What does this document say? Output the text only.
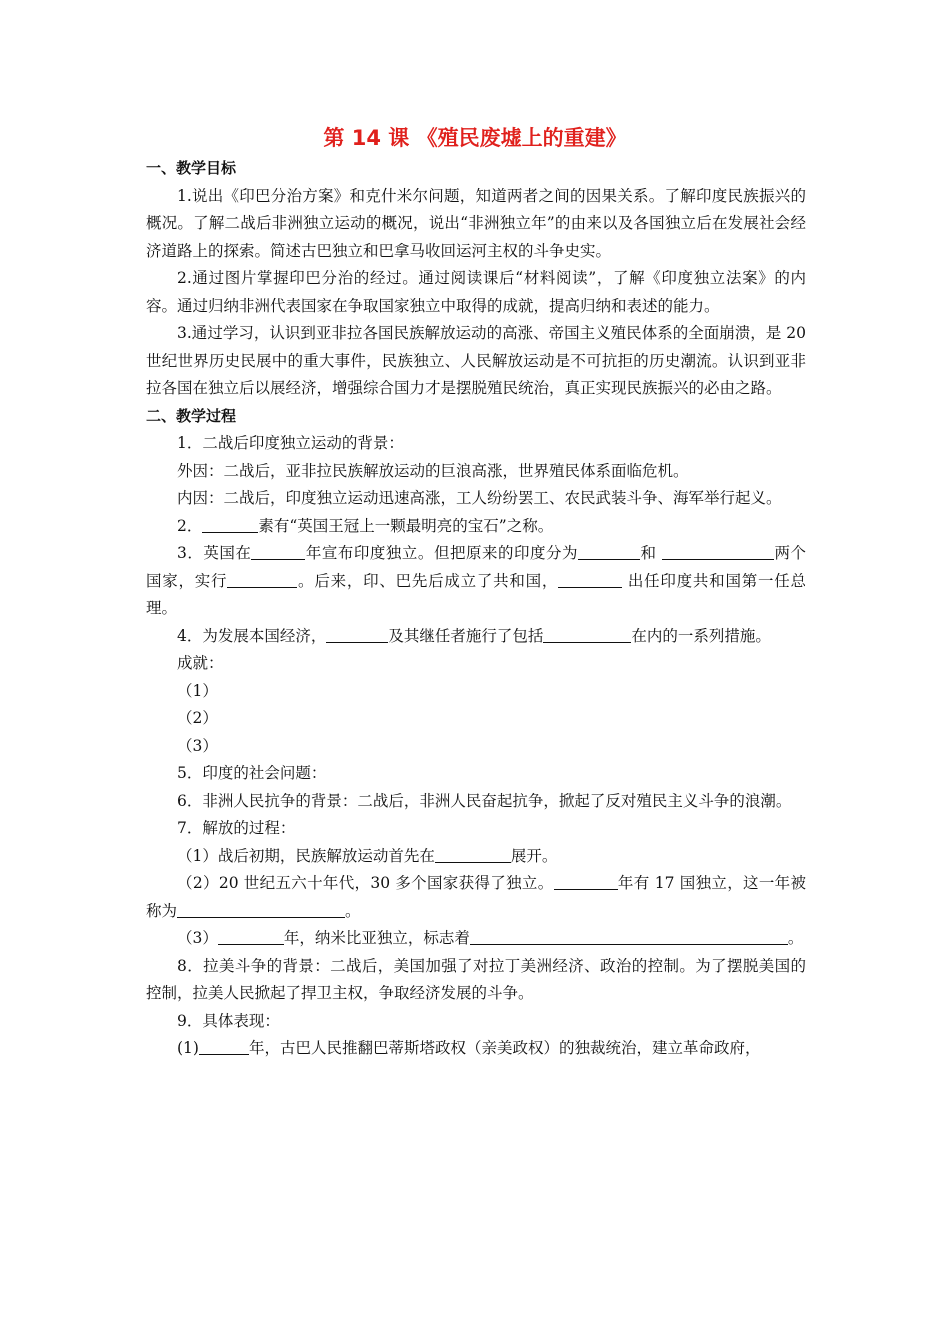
第 14 课 《殖民废墟上的重建》
一、教学目标
1.说出《印巴分治方案》和克什米尔问题，知道两者之间的因果关系。了解印度民族振兴的概况。了解二战后非洲独立运动的概况，说出“非洲独立年”的由来以及各国独立后在发展社会经济道路上的探索。简述古巴独立和巴拿马收回运河主权的斗争史实。
2.通过图片掌握印巴分治的经过。通过阅读课后“材料阅读”，了解《印度独立法案》的内容。通过归纳非洲代表国家在争取国家独立中取得的成就，提高归纳和表述的能力。
3.通过学习，认识到亚非拉各国民族解放运动的高涨、帝国主义殖民体系的全面崩溃，是 20 世纪世界历史民展中的重大事件，民族独立、人民解放运动是不可抗拒的历史潮流。认识到亚非拉各国在独立后以展经济，增强综合国力才是摆脱殖民统治，真正实现民族振兴的必由之路。
二、教学过程
1．二战后印度独立运动的背景：
外因：二战后，亚非拉民族解放运动的巨浪高涨，世界殖民体系面临危机。
内因：二战后，印度独立运动迅速高涨，工人纷纷罢工、农民武装斗争、海军举行起义。
2．	素有“英国王冠上一颗最明亮的宝石”之称。
3．英国在	年宣布印度独立。但把原来的印度分为	和	两个国家，实行	。后来，印、巴先后成立了共和国，	出任印度共和国第一任总理。
4．为发展本国经济，	及其继任者施行了包括	在内的一系列措施。
成就：
（1）
（2）
（3）
5．印度的社会问题：
6．非洲人民抗争的背景：二战后，非洲人民奋起抗争，掀起了反对殖民主义斗争的浪潮。
7．解放的过程：
（1）战后初期，民族解放运动首先在	展开。
（2）20 世纪五六十年代，30 多个国家获得了独立。	年有 17 国独立，这一年被称为	。
（3）	年，纳米比亚独立，标志着	。
8．拉美斗争的背景：二战后，美国加强了对拉丁美洲经济、政治的控制。为了摆脱美国的控制，拉美人民掀起了捍卫主权，争取经济发展的斗争。
9．具体表现：
(1)	年，古巴人民推翻巴蒂斯塔政权（亲美政权）的独裁统治，建立革命政府，
